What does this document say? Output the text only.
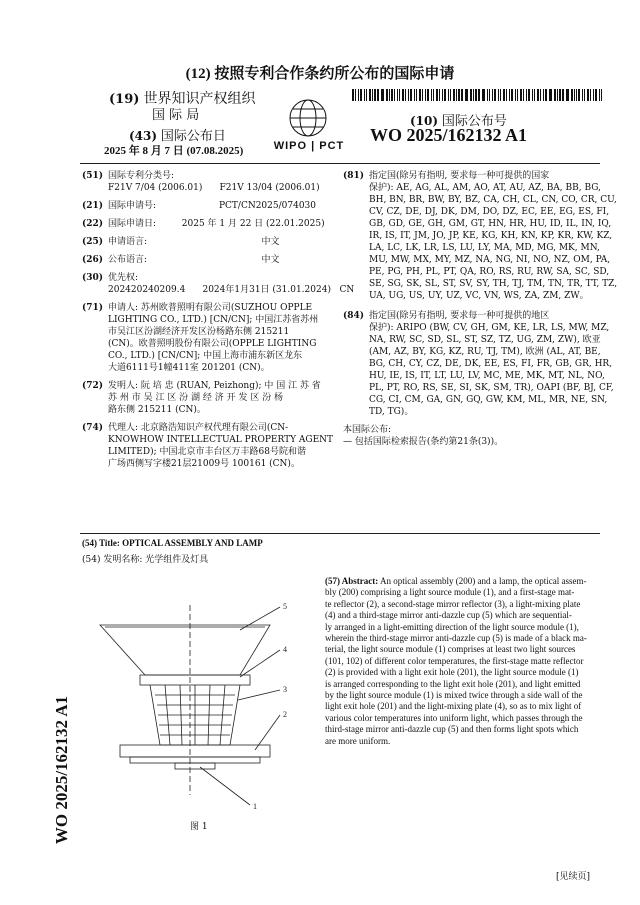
(12) 按照专利合作条约所公布的国际申请
(19) 世界知识产权组织
国 际 局
(43) 国际公布日
2025 年 8 月 7 日 (07.08.2025)	WIPO | PCT
(10) 国际公布号
WO 2025/162132 A1
(51) 国际专利分类号:
F21V 7/04 (2006.01)      F21V 13/04 (2006.01)
(21) 国际申请号:                      PCT/CN2025/074030
(22) 国际申请日:         2025 年 1 月 22 日 (22.01.2025)
(25) 申请语言:                                        中文
(26) 公布语言:                                        中文
(30) 优先权:
202420240209.4      2024年1月31日 (31.01.2024)   CN
(71) 申请人: 苏州欧普照明有限公司(SUZHOU OPPLE
LIGHTING CO., LTD.) [CN/CN]; 中国江苏省苏州
市吴江区汾湖经济开发区汾杨路东侧 215211
(CN)。欧普照明股份有限公司(OPPLE LIGHTING
CO., LTD.) [CN/CN]; 中国上海市浦东新区龙东
大道6111号1幢411室 201201 (CN)。
(72) 发明人: 阮 培 忠 (RUAN, Peizhong); 中 国 江 苏 省
苏 州 市 吴 江 区 汾 湖 经 济 开 发 区 汾 杨
路东侧 215211 (CN)。
(74) 代理人: 北京路浩知识产权代理有限公司(CN-
KNOWHOW INTELLECTUAL PROPERTY AGENT
LIMITED); 中国北京市丰台区万丰路68号院和谐
广场西侧写字楼21层21009号 100161 (CN)。
(81) 指定国(除另有指明, 要求每一种可提供的国家
保护): AE, AG, AL, AM, AO, AT, AU, AZ, BA, BB, BG,
BH, BN, BR, BW, BY, BZ, CA, CH, CL, CN, CO, CR, CU,
CV, CZ, DE, DJ, DK, DM, DO, DZ, EC, EE, EG, ES, FI,
GB, GD, GE, GH, GM, GT, HN, HR, HU, ID, IL, IN, IQ,
IR, IS, IT, JM, JO, JP, KE, KG, KH, KN, KP, KR, KW, KZ,
LA, LC, LK, LR, LS, LU, LY, MA, MD, MG, MK, MN,
MU, MW, MX, MY, MZ, NA, NG, NI, NO, NZ, OM, PA,
PE, PG, PH, PL, PT, QA, RO, RS, RU, RW, SA, SC, SD,
SE, SG, SK, SL, ST, SV, SY, TH, TJ, TM, TN, TR, TT, TZ,
UA, UG, US, UY, UZ, VC, VN, WS, ZA, ZM, ZW。
(84) 指定国(除另有指明, 要求每一种可提供的地区
保护): ARIPO (BW, CV, GH, GM, KE, LR, LS, MW, MZ,
NA, RW, SC, SD, SL, ST, SZ, TZ, UG, ZM, ZW), 欧亚
(AM, AZ, BY, KG, KZ, RU, TJ, TM), 欧洲 (AL, AT, BE,
BG, CH, CY, CZ, DE, DK, EE, ES, FI, FR, GB, GR, HR,
HU, IE, IS, IT, LT, LU, LV, MC, ME, MK, MT, NL, NO,
PL, PT, RO, RS, SE, SI, SK, SM, TR), OAPI (BF, BJ, CF,
CG, CI, CM, GA, GN, GQ, GW, KM, ML, MR, NE, SN,
TD, TG)。
本国际公布:
— 包括国际检索报告(条约第21条(3))。
(54) Title: OPTICAL ASSEMBLY AND LAMP
(54) 发明名称: 光学组件及灯具
(57) Abstract: An optical assembly (200) and a lamp, the optical assem-
bly (200) comprising a light source module (1), and a first-stage mat-
te reflector (2), a second-stage mirror reflector (3), a light-mixing plate
(4) and a third-stage mirror anti-dazzle cup (5) which are sequential-
ly arranged in a light-emitting direction of the light source module (1),
wherein the third-stage mirror anti-dazzle cup (5) is made of a black ma-
terial, the light source module (1) comprises at least two light sources
(101, 102) of different color temperatures, the first-stage matte reflector
(2) is provided with a light exit hole (201), the light source module (1)
is arranged corresponding to the light exit hole (201), and light emitted
by the light source module (1) is mixed twice through a side wall of the
light exit hole (201) and the light-mixing plate (4), so as to mix light of
various color temperatures into uniform light, which passes through the
third-stage mirror anti-dazzle cup (5) and then forms light spots which
are more uniform.
5
4
3
2
1
图 1
WO 2025/162132 A1
[见续页]
